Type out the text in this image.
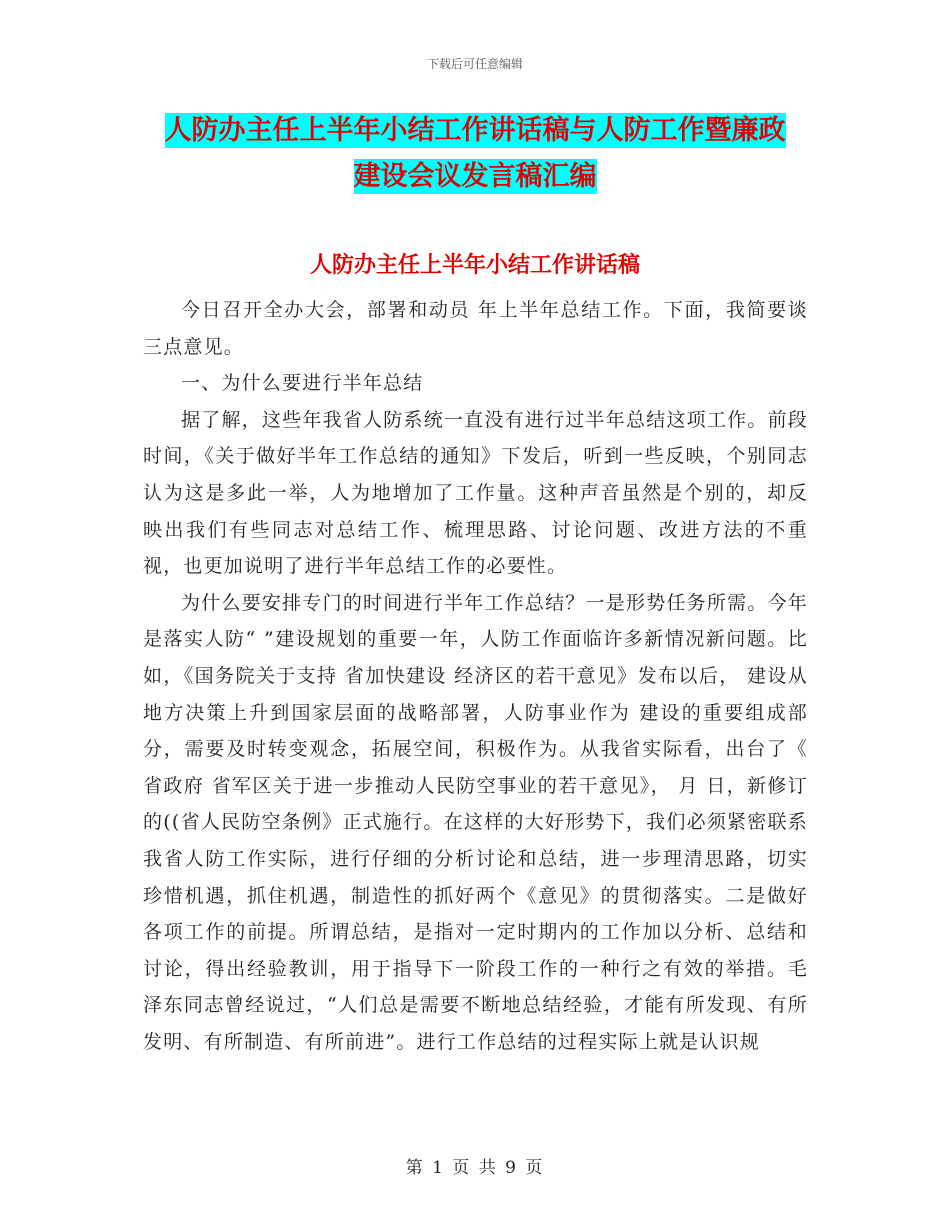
下载后可任意编辑
人防办主任上半年小结工作讲话稿与人防工作暨廉政
建设会议发言稿汇编
人防办主任上半年小结工作讲话稿

今日召开全办大会，部署和动员 年上半年总结工作。下面，我简要谈三点意见。

一、为什么要进行半年总结

据了解，这些年我省人防系统一直没有进行过半年总结这项工作。前段时间，《关于做好半年工作总结的通知》下发后，听到一些反映，个别同志认为这是多此一举，人为地增加了工作量。这种声音虽然是个别的，却反映出我们有些同志对总结工作、梳理思路、讨论问题、改进方法的不重视，也更加说明了进行半年总结工作的必要性。

为什么要安排专门的时间进行半年工作总结？一是形势任务所需。今年是落实人防“ ”建设规划的重要一年，人防工作面临许多新情况新问题。比如，《国务院关于支持 省加快建设 经济区的若干意见》发布以后， 建设从地方决策上升到国家层面的战略部署，人防事业作为 建设的重要组成部分，需要及时转变观念，拓展空间，积极作为。从我省实际看，出台了《 省政府 省军区关于进一步推动人民防空事业的若干意见》， 月 日，新修订的((省人民防空条例》正式施行。在这样的大好形势下，我们必须紧密联系我省人防工作实际，进行仔细的分析讨论和总结，进一步理清思路，切实珍惜机遇，抓住机遇，制造性的抓好两个《意见》的贯彻落实。二是做好各项工作的前提。所谓总结，是指对一定时期内的工作加以分析、总结和讨论，得出经验教训，用于指导下一阶段工作的一种行之有效的举措。毛泽东同志曾经说过，“人们总是需要不断地总结经验，才能有所发现、有所发明、有所制造、有所前进”。进行工作总结的过程实际上就是认识规

第 1 页 共 9 页
